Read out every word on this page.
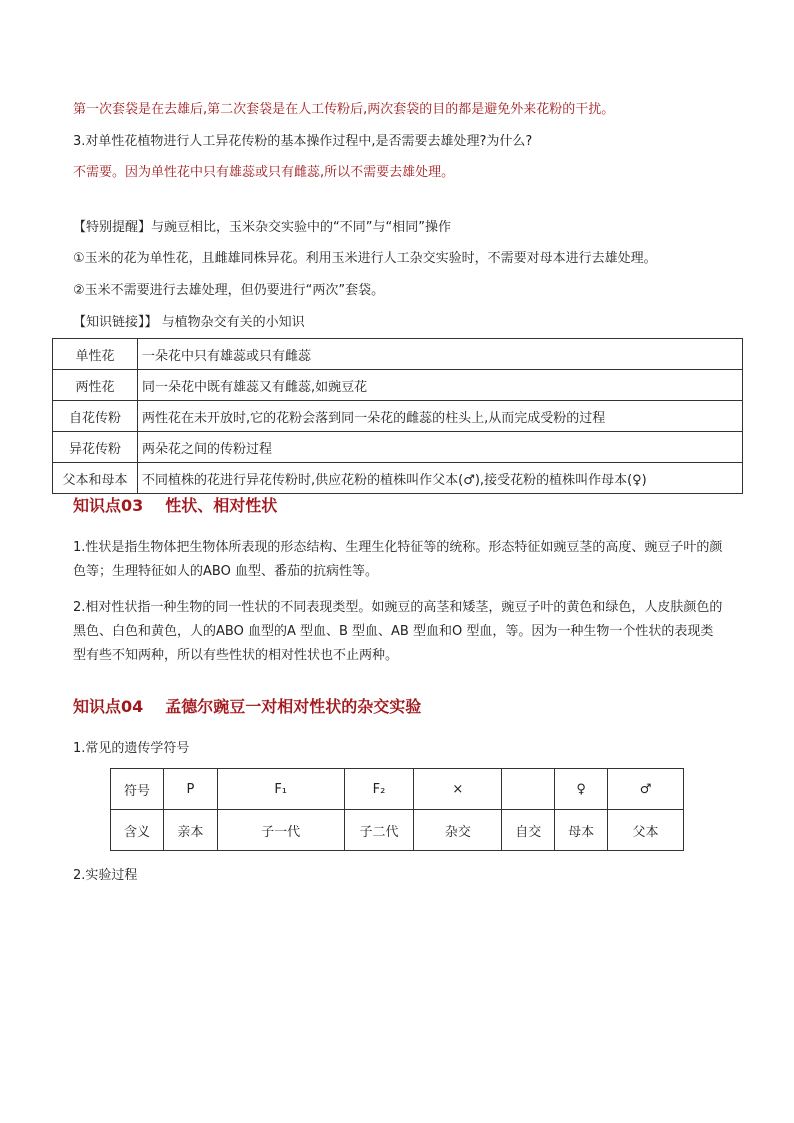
第一次套袋是在去雄后,第二次套袋是在人工传粉后,两次套袋的目的都是避免外来花粉的干扰。
3.对单性花植物进行人工异花传粉的基本操作过程中,是否需要去雄处理?为什么?
不需要。因为单性花中只有雄蕊或只有雌蕊,所以不需要去雄处理。
【特别提醒】与豌豆相比，玉米杂交实验中的“不同”与“相同”操作
①玉米的花为单性花，且雌雄同株异花。利用玉米进行人工杂交实验时，不需要对母本进行去雄处理。
②玉米不需要进行去雄处理，但仍要进行“两次”套袋。
【知识链接】】 与植物杂交有关的小知识
单性花	一朵花中只有雄蕊或只有雌蕊
两性花	同一朵花中既有雄蕊又有雌蕊,如豌豆花
自花传粉	两性花在未开放时,它的花粉会落到同一朵花的雌蕊的柱头上,从而完成受粉的过程
异花传粉	两朵花之间的传粉过程
父本和母本	不同植株的花进行异花传粉时,供应花粉的植株叫作父本(♂),接受花粉的植株叫作母本(♀)
知识点03 性状、相对性状
1.性状是指生物体把生物体所表现的形态结构、生理生化特征等的统称。形态特征如豌豆茎的高度、豌豆子叶的颜色等；生理特征如人的ABO 血型、番茄的抗病性等。
2.相对性状指一种生物的同一性状的不同表现类型。如豌豆的高茎和矮茎，豌豆子叶的黄色和绿色，人皮肤颜色的黑色、白色和黄色，人的ABO 血型的A 型血、B 型血、AB 型血和O 型血，等。因为一种生物一个性状的表现类型有些不知两种，所以有些性状的相对性状也不止两种。
知识点04 孟德尔豌豆一对相对性状的杂交实验
1.常见的遗传学符号
符号	P	F₁	F₂	×		♀	♂
含义	亲本	子一代	子二代	杂交	自交	母本	父本
2.实验过程
